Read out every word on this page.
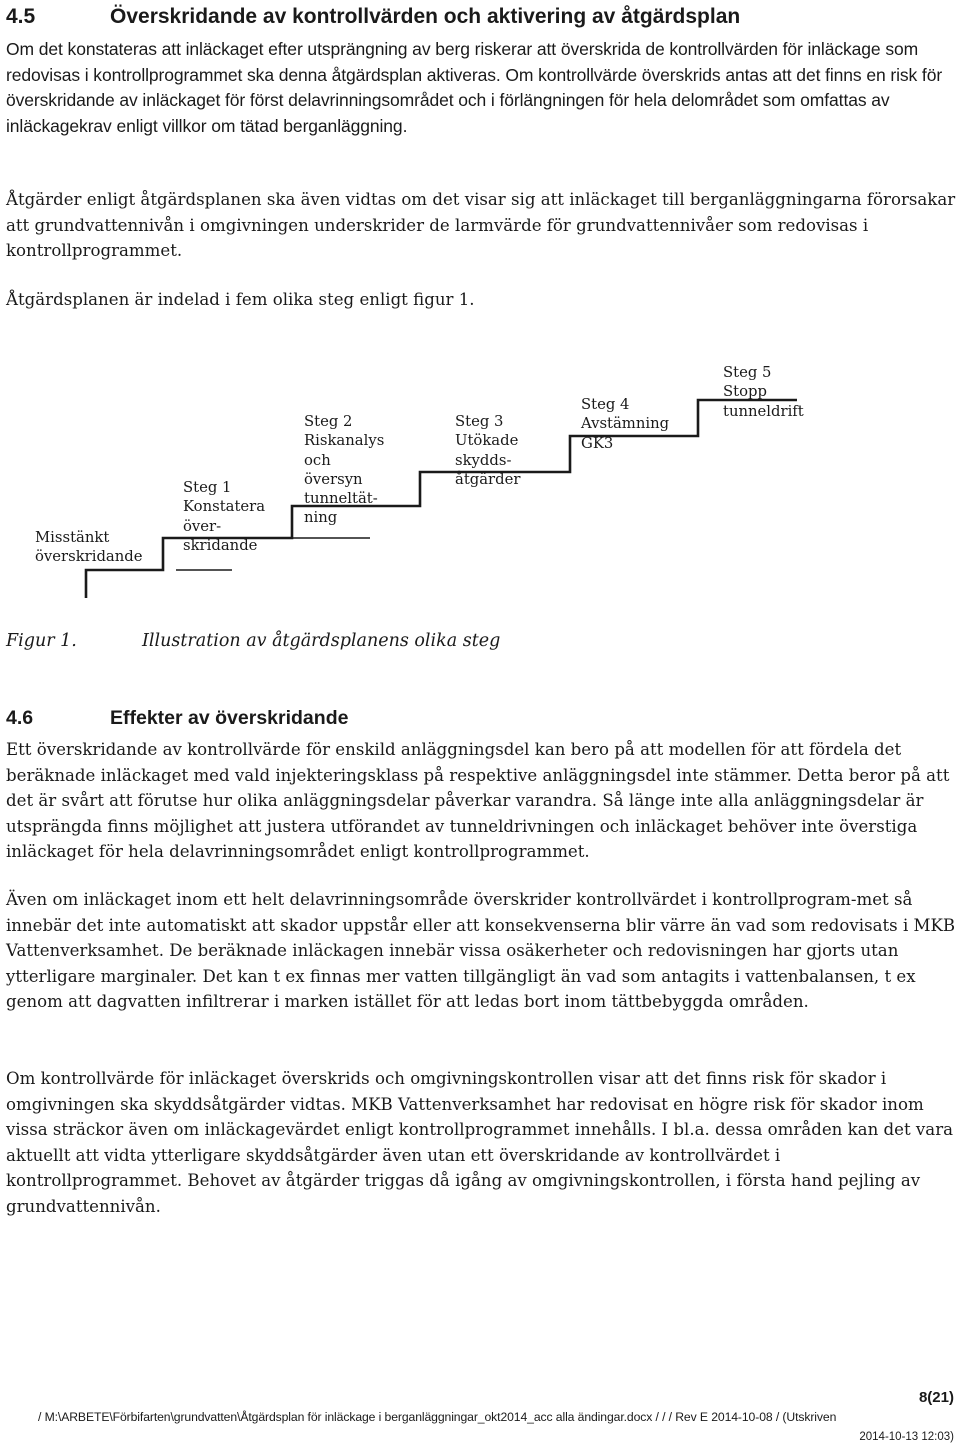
4.5	Överskridande av kontrollvärden och aktivering av åtgärdsplan

Om det konstateras att inläckaget efter utsprängning av berg riskerar att överskrida de kontrollvärden för inläckage som redovisas i kontrollprogrammet ska denna åtgärdsplan aktiveras. Om kontrollvärde överskrids antas att det finns en risk för överskridande av inläckaget för först delavrinningsområdet och i förlängningen för hela delområdet som omfattas av inläckagekrav enligt villkor om tätad berganläggning.

Åtgärder enligt åtgärdsplanen ska även vidtas om det visar sig att inläckaget till berganläggningarna förorsakar att grundvattennivån i omgivningen underskrider de larmvärde för grundvattennivåer som redovisas i kontrollprogrammet.

Åtgärdsplanen är indelad i fem olika steg enligt figur 1.

Misstänkt
överskridande
Steg 1
Konstatera
över-
skridande
Steg 2
Riskanalys
och
översyn
tunneltät-
ning
Steg 3
Utökade
skydds-
åtgärder
Steg 4
Avstämning
GK3
Steg 5
Stopp
tunneldrift
Figur 1.	Illustration av åtgärdsplanens olika steg
4.6	Effekter av överskridande

Ett överskridande av kontrollvärde för enskild anläggningsdel kan bero på att modellen för att fördela det beräknade inläckaget med vald injekteringsklass på respektive anläggningsdel inte stämmer. Detta beror på att det är svårt att förutse hur olika anläggningsdelar påverkar varandra. Så länge inte alla anläggningsdelar är utsprängda finns möjlighet att justera utförandet av tunneldrivningen och inläckaget behöver inte överstiga inläckaget för hela delavrinningsområdet enligt kontrollprogrammet.

Även om inläckaget inom ett helt delavrinningsområde överskrider kontrollvärdet i kontrollprogram-met så innebär det inte automatiskt att skador uppstår eller att konsekvenserna blir värre än vad som redovisats i MKB Vattenverksamhet. De beräknade inläckagen innebär vissa osäkerheter och redovisningen har gjorts utan ytterligare marginaler. Det kan t ex finnas mer vatten tillgängligt än vad som antagits i vattenbalansen, t ex genom att dagvatten infiltrerar i marken istället för att ledas bort inom tättbebyggda områden.

Om kontrollvärde för inläckaget överskrids och omgivningskontrollen visar att det finns risk för skador i omgivningen ska skyddsåtgärder vidtas. MKB Vattenverksamhet har redovisat en högre risk för skador inom vissa sträckor även om inläckagevärdet enligt kontrollprogrammet innehålls. I bl.a. dessa områden kan det vara aktuellt att vidta ytterligare skyddsåtgärder även utan ett överskridande av kontrollvärdet i kontrollprogrammet. Behovet av åtgärder triggas då igång av omgivningskontrollen, i första hand pejling av grundvattennivån.

8(21)
/ M:\ARBETE\Förbifarten\grundvatten\Åtgärdsplan för inläckage i berganläggningar_okt2014_acc alla ändingar.docx / / / Rev E 2014-10-08 / (Utskriven
2014-10-13 12:03)
